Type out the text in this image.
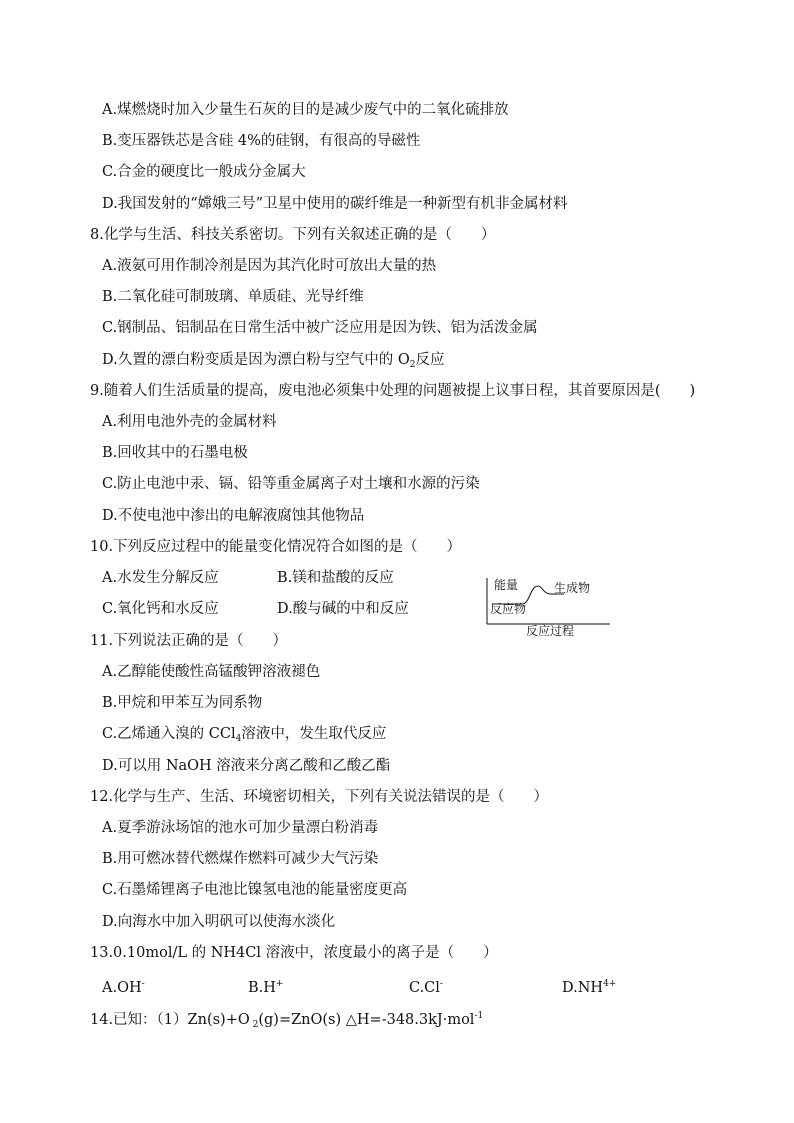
A.煤燃烧时加入少量生石灰的目的是减少废气中的二氧化硫排放
B.变压器铁芯是含硅 4%的硅钢，有很高的导磁性
C.合金的硬度比一般成分金属大
D.我国发射的“嫦娥三号”卫星中使用的碳纤维是一种新型有机非金属材料
8.化学与生活、科技关系密切。下列有关叙述正确的是（　　）
A.液氨可用作制冷剂是因为其汽化时可放出大量的热
B.二氧化硅可制玻璃、单质硅、光导纤维
C.钢制品、铝制品在日常生活中被广泛应用是因为铁、铝为活泼金属
D.久置的漂白粉变质是因为漂白粉与空气中的 $O_2$反应
9.随着人们生活质量的提高，废电池必须集中处理的问题被提上议事日程，其首要原因是(　　)
A.利用电池外壳的金属材料
B.回收其中的石墨电极
C.防止电池中汞、镉、铅等重金属离子对土壤和水源的污染
D.不使电池中渗出的电解液腐蚀其他物品
10.下列反应过程中的能量变化情况符合如图的是（　　）
A.水发生分解反应	B.镁和盐酸的反应
C.氧化钙和水反应	D.酸与碱的中和反应
能量	生成物
反应物
反应过程
11.下列说法正确的是（　　）
A.乙醇能使酸性高锰酸钾溶液褪色
B.甲烷和甲苯互为同系物
C.乙烯通入溴的 CCl$_4$溶液中，发生取代反应
D.可以用 NaOH 溶液来分离乙酸和乙酸乙酯
12.化学与生产、生活、环境密切相关，下列有关说法错误的是（　　）
A.夏季游泳场馆的池水可加少量漂白粉消毒
B.用可燃冰替代燃煤作燃料可减少大气污染
C.石墨烯锂离子电池比镍氢电池的能量密度更高
D.向海水中加入明矾可以使海水淡化
13.0.10mol/L 的 NH4Cl 溶液中，浓度最小的离子是（　　）
A.OH-	B.H+	C.Cl-	$D.NH^{4+}$
14.已知：（1）Zn(s)+O $_2$(g)=ZnO(s) △H=-348.3kJ·mol$^{-1}$
